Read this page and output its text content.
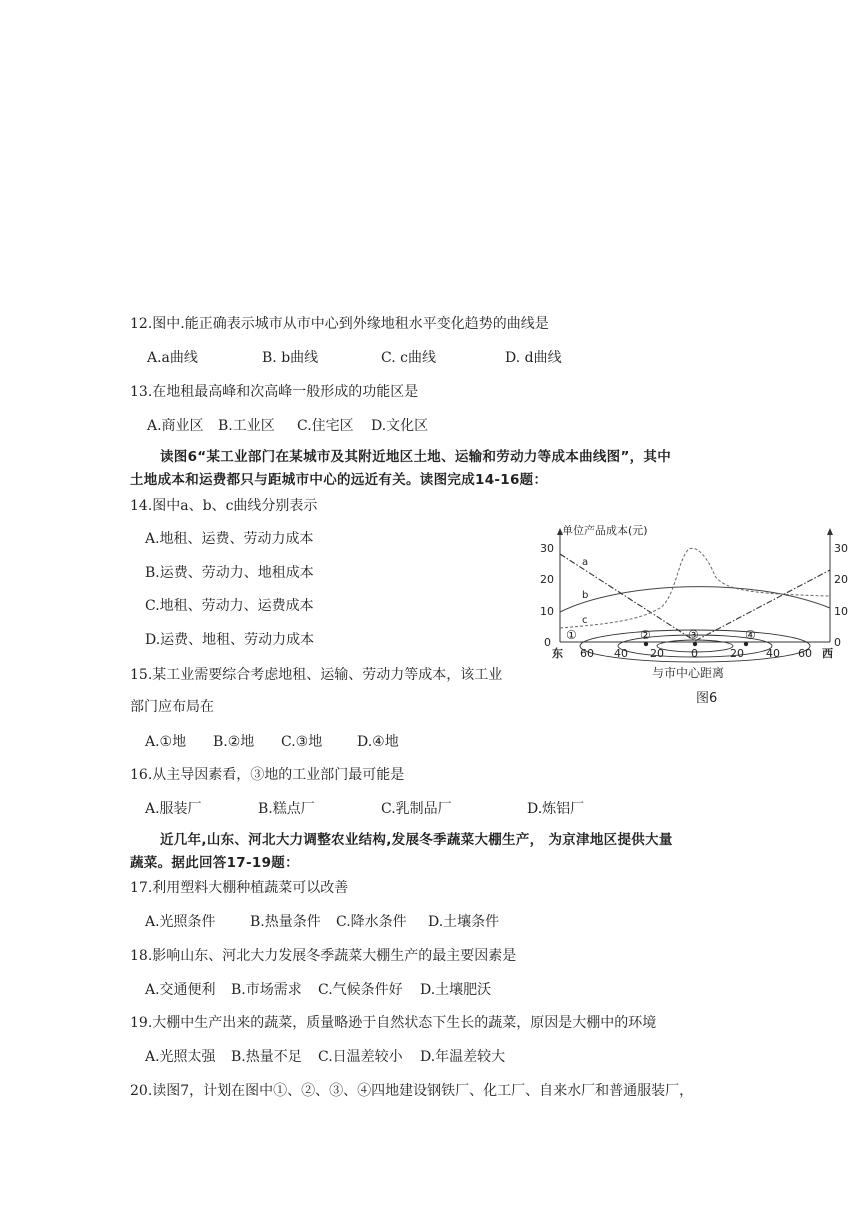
12.图中.能正确表示城市从市中心到外缘地租水平变化趋势的曲线是
A.a曲线	B. b曲线	C. c曲线	D. d曲线
13.在地租最高峰和次高峰一般形成的功能区是
A.商业区 B.工业区 C.住宅区 D.文化区
读图6“某工业部门在某城市及其附近地区土地、运输和劳动力等成本曲线图”，其中
土地成本和运费都只与距城市中心的远近有关。读图完成14-16题：
14.图中a、b、c曲线分别表示
A.地租、运费、劳动力成本
B.运费、劳动力、地租成本
C.地租、劳动力、运费成本
D.运费、地租、劳动力成本
15.某工业需要综合考虑地租、运输、劳动力等成本，该工业
部门应布局在
A.①地 B.②地 C.③地 D.④地
16.从主导因素看，③地的工业部门最可能是
A.服装厂	B.糕点厂	C.乳制品厂	D.炼铝厂
近几年,山东、河北大力调整农业结构,发展冬季蔬菜大棚生产， 为京津地区提供大量
蔬菜。据此回答17-19题：
17.利用塑料大棚种植蔬菜可以改善
A.光照条件 B.热量条件 C.降水条件 D.土壤条件
18.影响山东、河北大力发展冬季蔬菜大棚生产的最主要因素是
A.交通便利 B.市场需求 C.气候条件好 D.土壤肥沃
19.大棚中生产出来的蔬菜，质量略逊于自然状态下生长的蔬菜，原因是大棚中的环境
A.光照太强 B.热量不足 C.日温差较小 D.年温差较大
20.读图7，计划在图中①、②、③、④四地建设钢铁厂、化工厂、自来水厂和普通服装厂，
单位产品成本(元)
30
20
10
0
30
20
10
0
a
b
c
①	②	③	④
东 60 40 20 0	20 40 60 西
与市中心距离
图6
